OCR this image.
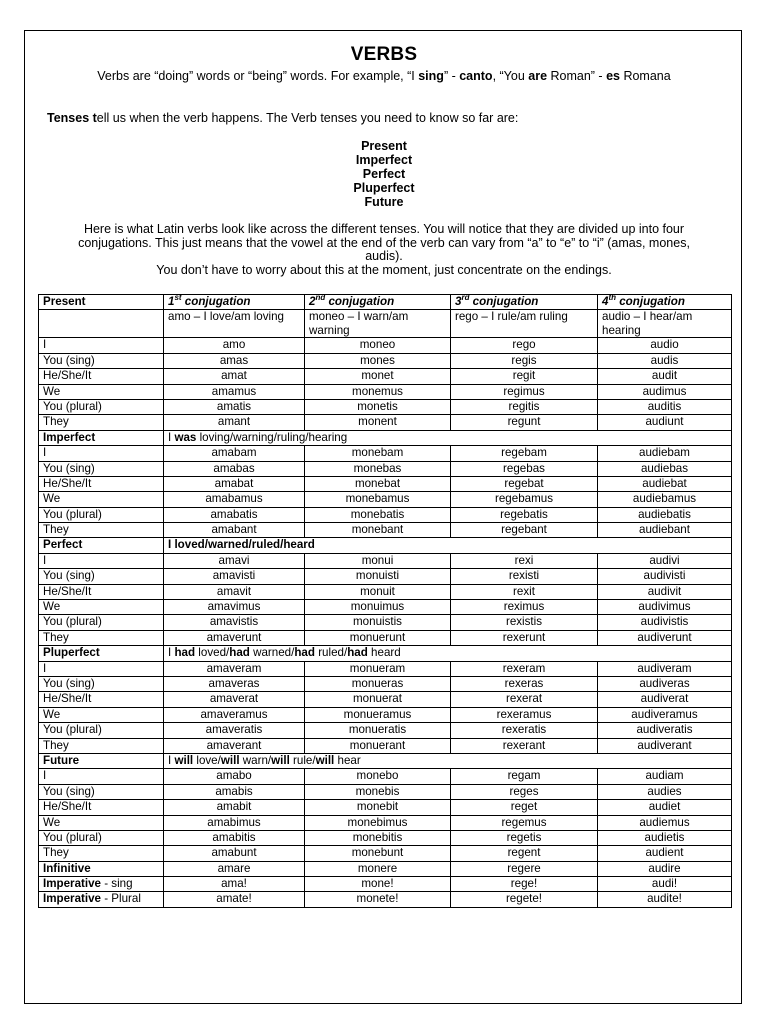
VERBS
Verbs are “doing” words or “being” words. For example, “I sing” - canto, “You are Roman” - es Romana
Tenses tell us when the verb happens. The Verb tenses you need to know so far are:
Present
Imperfect
Perfect
Pluperfect
Future
Here is what Latin verbs look like across the different tenses. You will notice that they are divided up into four conjugations. This just means that the vowel at the end of the verb can vary from “a” to “e” to “i” (amas, mones, audis).
You don’t have to worry about this at the moment, just concentrate on the endings.
Present	1st conjugation	2nd conjugation	3rd conjugation	4th conjugation
	amo – I love/am loving	moneo – I warn/am warning	rego – I rule/am ruling	audio – I hear/am hearing
I	amo	moneo	rego	audio
You (sing)	amas	mones	regis	audis
He/She/It	amat	monet	regit	audit
We	amamus	monemus	regimus	audimus
You (plural)	amatis	monetis	regitis	auditis
They	amant	monent	regunt	audiunt
Imperfect	I was loving/warning/ruling/hearing			
I	amabam	monebam	regebam	audiebam
You (sing)	amabas	monebas	regebas	audiebas
He/She/It	amabat	monebat	regebat	audiebat
We	amabamus	monebamus	regebamus	audiebamus
You (plural)	amabatis	monebatis	regebatis	audiebatis
They	amabant	monebant	regebant	audiebant
Perfect	I loved/warned/ruled/heard			
I	amavi	monui	rexi	audivi
You (sing)	amavisti	monuisti	rexisti	audivisti
He/She/It	amavit	monuit	rexit	audivit
We	amavimus	monuimus	reximus	audivimus
You (plural)	amavistis	monuistis	rexistis	audivistis
They	amaverunt	monuerunt	rexerunt	audiverunt
Pluperfect	I had loved/had warned/had ruled/had heard			
I	amaveram	monueram	rexeram	audiveram
You (sing)	amaveras	monueras	rexeras	audiveras
He/She/It	amaverat	monuerat	rexerat	audiverat
We	amaveramus	monueramus	rexeramus	audiveramus
You (plural)	amaveratis	monueratis	rexeratis	audiveratis
They	amaverant	monuerant	rexerant	audiverant
Future	I will love/will warn/will rule/will hear			
I	amabo	monebo	regam	audiam
You (sing)	amabis	monebis	reges	audies
He/She/It	amabit	monebit	reget	audiet
We	amabimus	monebimus	regemus	audiemus
You (plural)	amabitis	monebitis	regetis	audietis
They	amabunt	monebunt	regent	audient
Infinitive	amare	monere	regere	audire
Imperative - sing	ama!	mone!	rege!	audi!
Imperative - Plural	amate!	monete!	regete!	audite!
